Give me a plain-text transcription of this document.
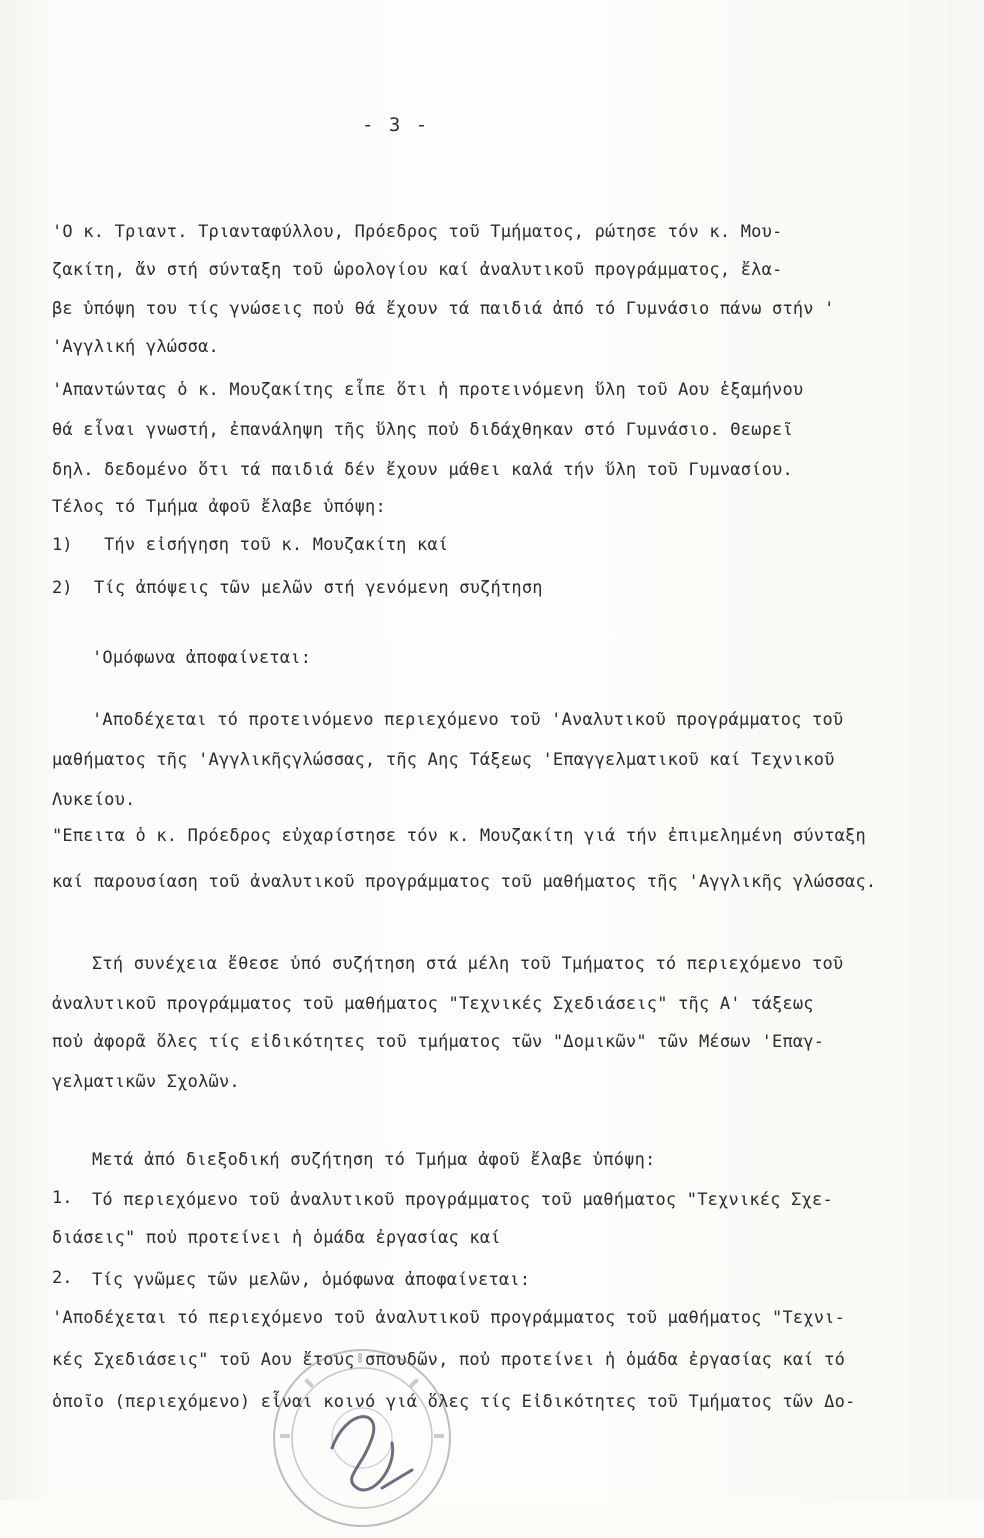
- 3 -

'Ο κ. Τριαντ. Τριανταφύλλου, Πρόεδρος τοῦ Τμήματος, ρώτησε τόν κ. Μου-

ζακίτη, ἄν στή σύνταξη τοῦ ὡρολογίου καί ἀναλυτικοῦ προγράμματος, ἔλα-

βε ὑπόψη του τίς γνώσεις ποὐ θά ἔχουν τά παιδιά ἀπό τό Γυμνάσιο πάνω στήν '

'Αγγλική γλώσσα.

'Απαντώντας ὁ κ. Μουζακίτης εἶπε ὅτι ἡ προτεινόμενη ὕλη τοῦ Αου ἑξαμήνου

θά εἶναι γνωστή, ἐπανάληψη τῆς ὕλης ποὐ διδάχθηκαν στό Γυμνάσιο. Θεωρεῖ

δηλ. δεδομένο ὅτι τά παιδιά δέν ἔχουν μάθει καλά τήν ὕλη τοῦ Γυμνασίου.

Τέλος τό Τμήμα ἀφοῦ ἔλαβε ὑπόψη:

1) Τήν εἰσήγηση τοῦ κ. Μουζακίτη καί

2) Τίς ἀπόψεις τῶν μελῶν στή γενόμενη συζήτηση

'Ομόφωνα ἀποφαίνεται:

'Αποδέχεται τό προτεινόμενο περιεχόμενο τοῦ 'Αναλυτικοῦ προγράμματος τοῦ

μαθήματος τῆς 'Αγγλικῆςγλώσσας, τῆς Αης Τάξεως 'Επαγγελματικοῦ καί Τεχνικοῦ

Λυκείου.

"Επειτα ὁ κ. Πρόεδρος εὐχαρίστησε τόν κ. Μουζακίτη γιά τήν ἐπιμελημένη σύνταξη

καί παρουσίαση τοῦ ἀναλυτικοῦ προγράμματος τοῦ μαθήματος τῆς 'Αγγλικῆς γλώσσας.

Στή συνέχεια ἔθεσε ὑπό συζήτηση στά μέλη τοῦ Τμήματος τό περιεχόμενο τοῦ

ἀναλυτικοῦ προγράμματος τοῦ μαθήματος "Τεχνικές Σχεδιάσεις" τῆς Α' τάξεως

ποὐ ἀφορᾶ ὅλες τίς εἰδικότητες τοῦ τμήματος τῶν "Δομικῶν" τῶν Μέσων 'Επαγ-

γελματικῶν Σχολῶν.

Μετά ἀπό διεξοδική συζήτηση τό Τμήμα ἀφοῦ ἔλαβε ὑπόψη:

1. Τό περιεχόμενο τοῦ ἀναλυτικοῦ προγράμματος τοῦ μαθήματος "Τεχνικές Σχε-

διάσεις" ποὐ προτείνει ἡ ὁμάδα ἐργασίας καί

2. Τίς γνῶμες τῶν μελῶν, ὁμόφωνα ἀποφαίνεται:

'Αποδέχεται τό περιεχόμενο τοῦ ἀναλυτικοῦ προγράμματος τοῦ μαθήματος "Τεχνι-

κές Σχεδιάσεις" τοῦ Αου ἔτους σπουδῶν, ποὐ προτείνει ἡ ὁμάδα ἐργασίας καί τό

ὁποῖο (περιεχόμενο) εἶναι κοινό γιά ὅλες τίς Εἰδικότητες τοῦ Τμήματος τῶν Δο-
